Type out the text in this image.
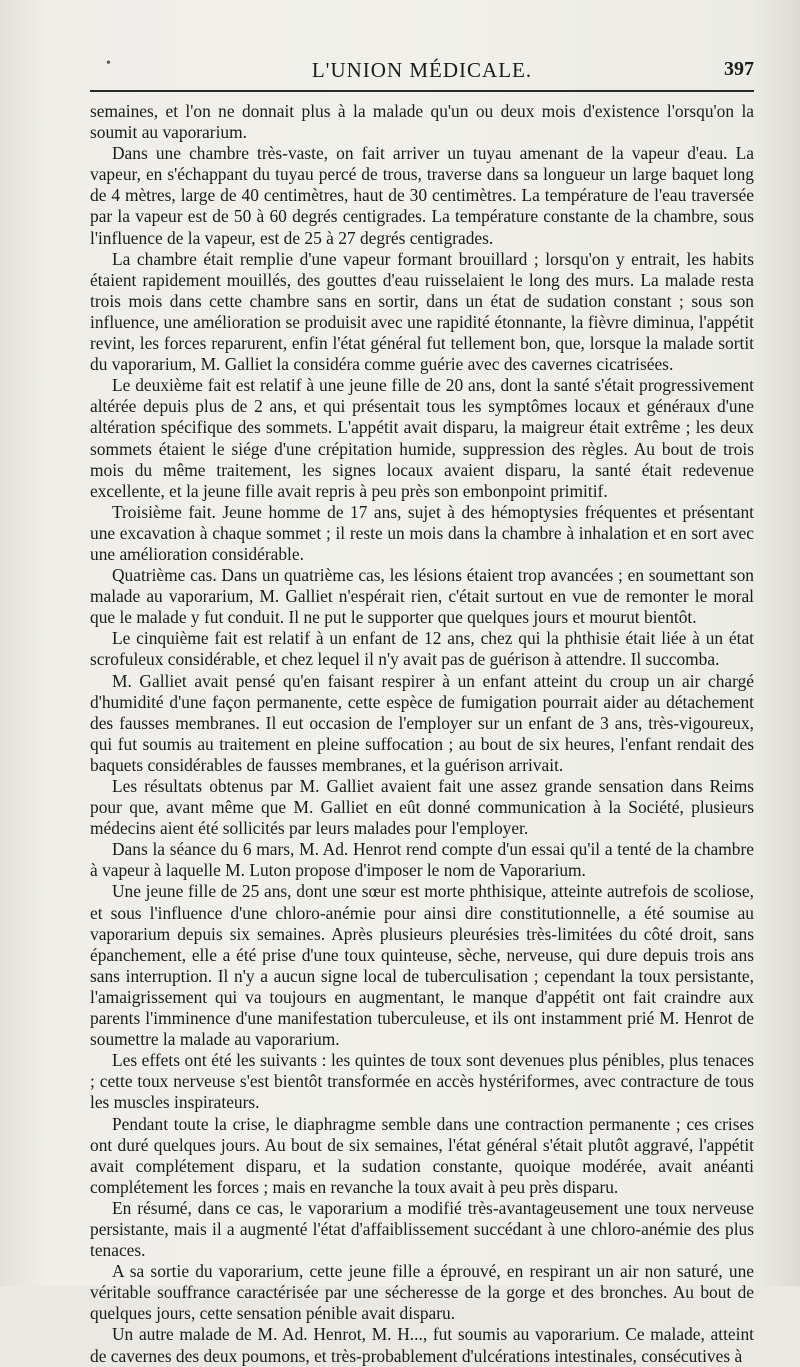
•	L'UNION MÉDICALE.	397

semaines, et l'on ne donnait plus à la malade qu'un ou deux mois d'existence l'orsqu'on la soumit au vaporarium.

Dans une chambre très-vaste, on fait arriver un tuyau amenant de la vapeur d'eau. La vapeur, en s'échappant du tuyau percé de trous, traverse dans sa longueur un large baquet long de 4 mètres, large de 40 centimètres, haut de 30 centimètres. La température de l'eau traversée par la vapeur est de 50 à 60 degrés centigrades. La température constante de la chambre, sous l'influence de la vapeur, est de 25 à 27 degrés centigrades.

La chambre était remplie d'une vapeur formant brouillard ; lorsqu'on y entrait, les habits étaient rapidement mouillés, des gouttes d'eau ruisselaient le long des murs. La malade resta trois mois dans cette chambre sans en sortir, dans un état de sudation constant ; sous son influence, une amélioration se produisit avec une rapidité étonnante, la fièvre diminua, l'appétit revint, les forces reparurent, enfin l'état général fut tellement bon, que, lorsque la malade sortit du vaporarium, M. Galliet la considéra comme guérie avec des cavernes cicatrisées.

Le deuxième fait est relatif à une jeune fille de 20 ans, dont la santé s'était progressivement altérée depuis plus de 2 ans, et qui présentait tous les symptômes locaux et généraux d'une altération spécifique des sommets. L'appétit avait disparu, la maigreur était extrême ; les deux sommets étaient le siége d'une crépitation humide, suppression des règles. Au bout de trois mois du même traitement, les signes locaux avaient disparu, la santé était redevenue excellente, et la jeune fille avait repris à peu près son embonpoint primitif.

Troisième fait. Jeune homme de 17 ans, sujet à des hémoptysies fréquentes et présentant une excavation à chaque sommet ; il reste un mois dans la chambre à inhalation et en sort avec une amélioration considérable.

Quatrième cas. Dans un quatrième cas, les lésions étaient trop avancées ; en soumettant son malade au vaporarium, M. Galliet n'espérait rien, c'était surtout en vue de remonter le moral que le malade y fut conduit. Il ne put le supporter que quelques jours et mourut bientôt.

Le cinquième fait est relatif à un enfant de 12 ans, chez qui la phthisie était liée à un état scrofuleux considérable, et chez lequel il n'y avait pas de guérison à attendre. Il succomba.

M. Galliet avait pensé qu'en faisant respirer à un enfant atteint du croup un air chargé d'humidité d'une façon permanente, cette espèce de fumigation pourrait aider au détachement des fausses membranes. Il eut occasion de l'employer sur un enfant de 3 ans, très-vigoureux, qui fut soumis au traitement en pleine suffocation ; au bout de six heures, l'enfant rendait des baquets considérables de fausses membranes, et la guérison arrivait.

Les résultats obtenus par M. Galliet avaient fait une assez grande sensation dans Reims pour que, avant même que M. Galliet en eût donné communication à la Société, plusieurs médecins aient été sollicités par leurs malades pour l'employer.

Dans la séance du 6 mars, M. Ad. Henrot rend compte d'un essai qu'il a tenté de la chambre à vapeur à laquelle M. Luton propose d'imposer le nom de Vaporarium.

Une jeune fille de 25 ans, dont une sœur est morte phthisique, atteinte autrefois de scoliose, et sous l'influence d'une chloro-anémie pour ainsi dire constitutionnelle, a été soumise au vaporarium depuis six semaines. Après plusieurs pleurésies très-limitées du côté droit, sans épanchement, elle a été prise d'une toux quinteuse, sèche, nerveuse, qui dure depuis trois ans sans interruption. Il n'y a aucun signe local de tuberculisation ; cependant la toux persistante, l'amaigrissement qui va toujours en augmentant, le manque d'appétit ont fait craindre aux parents l'imminence d'une manifestation tuberculeuse, et ils ont instamment prié M. Henrot de soumettre la malade au vaporarium.

Les effets ont été les suivants : les quintes de toux sont devenues plus pénibles, plus tenaces ; cette toux nerveuse s'est bientôt transformée en accès hystériformes, avec contracture de tous les muscles inspirateurs.

Pendant toute la crise, le diaphragme semble dans une contraction permanente ; ces crises ont duré quelques jours. Au bout de six semaines, l'état général s'était plutôt aggravé, l'appétit avait complétement disparu, et la sudation constante, quoique modérée, avait anéanti complétement les forces ; mais en revanche la toux avait à peu près disparu.

En résumé, dans ce cas, le vaporarium a modifié très-avantageusement une toux nerveuse persistante, mais il a augmenté l'état d'affaiblissement succédant à une chloro-anémie des plus tenaces.

A sa sortie du vaporarium, cette jeune fille a éprouvé, en respirant un air non saturé, une véritable souffrance caractérisée par une sécheresse de la gorge et des bronches. Au bout de quelques jours, cette sensation pénible avait disparu.

Un autre malade de M. Ad. Henrot, M. H..., fut soumis au vaporarium. Ce malade, atteint de cavernes des deux poumons, et très-probablement d'ulcérations intestinales, consécutives à
